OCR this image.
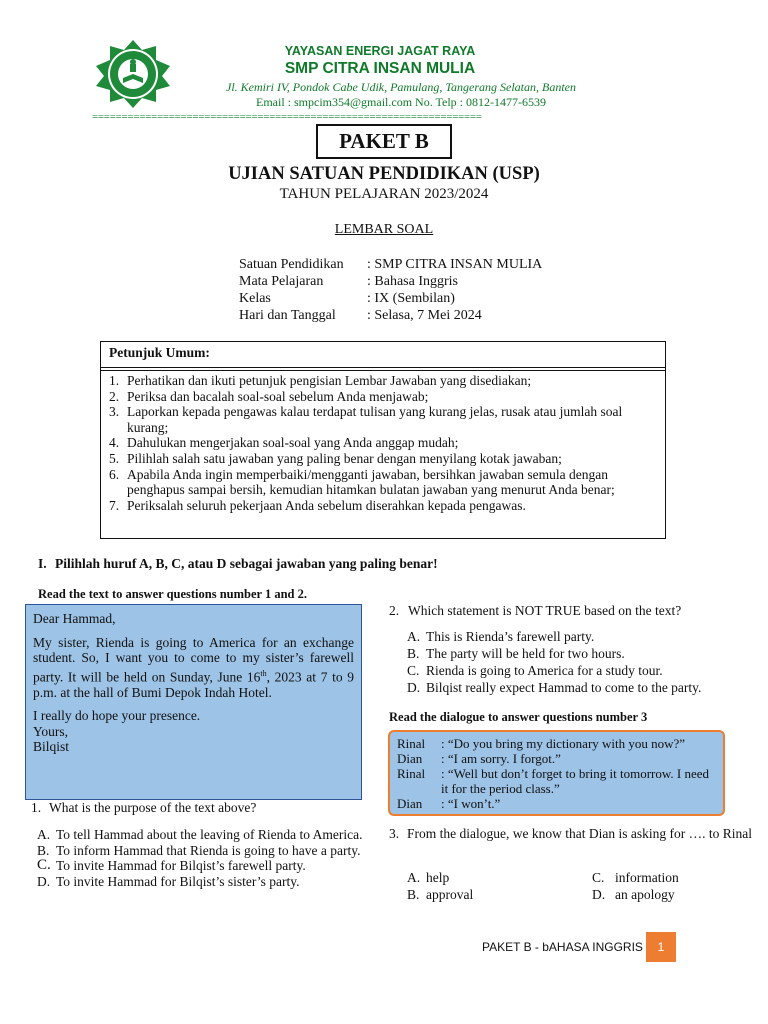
YAYASAN ENERGI JAGAT RAYA
SMP CITRA INSAN MULIA
Jl. Kemiri IV, Pondok Cabe Udik, Pamulang, Tangerang Selatan, Banten
Email : smpcim354@gmail.com No. Telp : 0812-1477-6539
==================================================================
PAKET B
UJIAN SATUAN PENDIDIKAN (USP)
TAHUN PELAJARAN 2023/2024
LEMBAR SOAL
Satuan Pendidikan : SMP CITRA INSAN MULIA
Mata Pelajaran	: Bahasa Inggris
Kelas	: IX (Sembilan)
Hari dan Tanggal : Selasa, 7 Mei 2024
Petunjuk Umum:
1. Perhatikan dan ikuti petunjuk pengisian Lembar Jawaban yang disediakan;
2. Periksa dan bacalah soal-soal sebelum Anda menjawab;
3. Laporkan kepada pengawas kalau terdapat tulisan yang kurang jelas, rusak atau jumlah soal kurang;
4. Dahulukan mengerjakan soal-soal yang Anda anggap mudah;
5. Pilihlah salah satu jawaban yang paling benar dengan menyilang kotak jawaban;
6. Apabila Anda ingin memperbaiki/mengganti jawaban, bersihkan jawaban semula dengan penghapus sampai bersih, kemudian hitamkan bulatan jawaban yang menurut Anda benar;
7. Periksalah seluruh pekerjaan Anda sebelum diserahkan kepada pengawas.
I. Pilihlah huruf A, B, C, atau D sebagai jawaban yang paling benar!
Read the text to answer questions number 1 and 2.

Dear Hammad,

My sister, Rienda is going to America for an exchange student. So, I want you to come to my sister’s farewell party. It will be held on Sunday, June 16th, 2023 at 7 to 9 p.m. at the hall of Bumi Depok Indah Hotel.

I really do hope your presence.
Yours,
Bilqist
1. What is the purpose of the text above?
A. To tell Hammad about the leaving of Rienda to America.
B. To inform Hammad that Rienda is going to have a party.
C. To invite Hammad for Bilqist’s farewell party.
D. To invite Hammad for Bilqist’s sister’s party.
2. Which statement is NOT TRUE based on the text?
A. This is Rienda’s farewell party.
B. The party will be held for two hours.
C. Rienda is going to America for a study tour.
D. Bilqist really expect Hammad to come to the party.
Read the dialogue to answer questions number 3
Rinal	: “Do you bring my dictionary with you now?”
Dian	: “I am sorry. I forgot.”
Rinal	: “Well but don’t forget to bring it tomorrow. I need it for the period class.”
Dian	: “I won’t.”
3. From the dialogue, we know that Dian is asking for …. to Rinal
A. help
B. approval
C. information
D. an apology
PAKET B - bAHASA INGGRIS	1
